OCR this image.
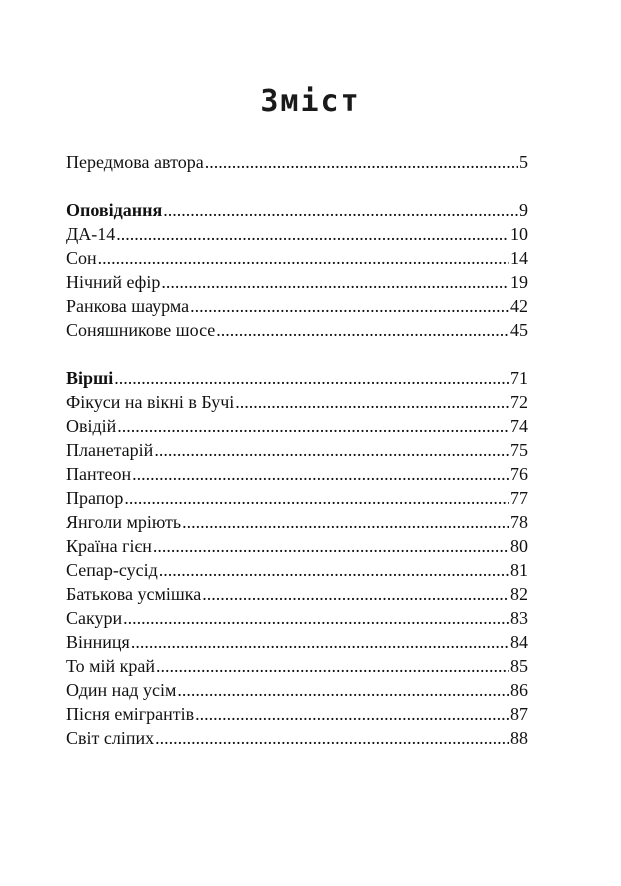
Зміст
Передмова автора .....	5
Оповідання .....	9
ДА-14 .....	10
Сон .....	14
Нічний ефір .....	19
Ранкова шаурма .....	42
Соняшникове шосе .....	45
Вірші .....	71
Фікуси на вікні в Бучі .....	72
Овідій .....	74
Планетарій .....	75
Пантеон .....	76
Прапор .....	77
Янголи мріють .....	78
Країна гієн .....	80
Сепар-сусід .....	81
Батькова усмішка .....	82
Сакури .....	83
Вінниця .....	84
То мій край .....	85
Один над усім .....	86
Пісня емігрантів .....	87
Світ сліпих .....	88
